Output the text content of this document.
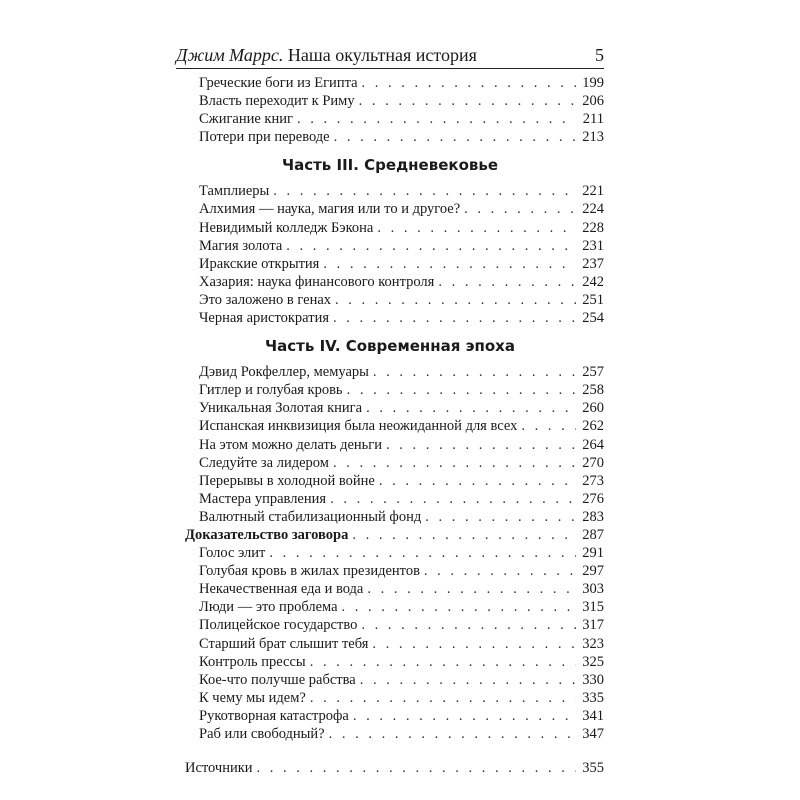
Джим Маррс. Наша окультная история	5
Греческие боги из Египта . . .	199
Власть переходит к Риму . . .	206
Сжигание книг . . .	211
Потери при переводе . . .	213
Часть III. Средневековье
Тамплиеры . . .	221
Алхимия — наука, магия или то и другое? . . .	224
Невидимый колледж Бэкона . . .	228
Магия золота . . .	231
Иракские открытия . . .	237
Хазария: наука финансового контроля . . .	242
Это заложено в генах . . .	251
Черная аристократия . . .	254
Часть IV. Современная эпоха
Дэвид Рокфеллер, мемуары . . .	257
Гитлер и голубая кровь . . .	258
Уникальная Золотая книга . . .	260
Испанская инквизиция была неожиданной для всех . . .	262
На этом можно делать деньги . . .	264
Следуйте за лидером . . .	270
Перерывы в холодной войне . . .	273
Мастера управления . . .	276
Валютный стабилизационный фонд . . .	283
Доказательство заговора . . .	287
Голос элит . . .	291
Голубая кровь в жилах президентов . . .	297
Некачественная еда и вода . . .	303
Люди — это проблема . . .	315
Полицейское государство . . .	317
Старший брат слышит тебя . . .	323
Контроль прессы . . .	325
Кое-что получше рабства . . .	330
К чему мы идем? . . .	335
Рукотворная катастрофа . . .	341
Раб или свободный? . . .	347
Источники . . .	355
